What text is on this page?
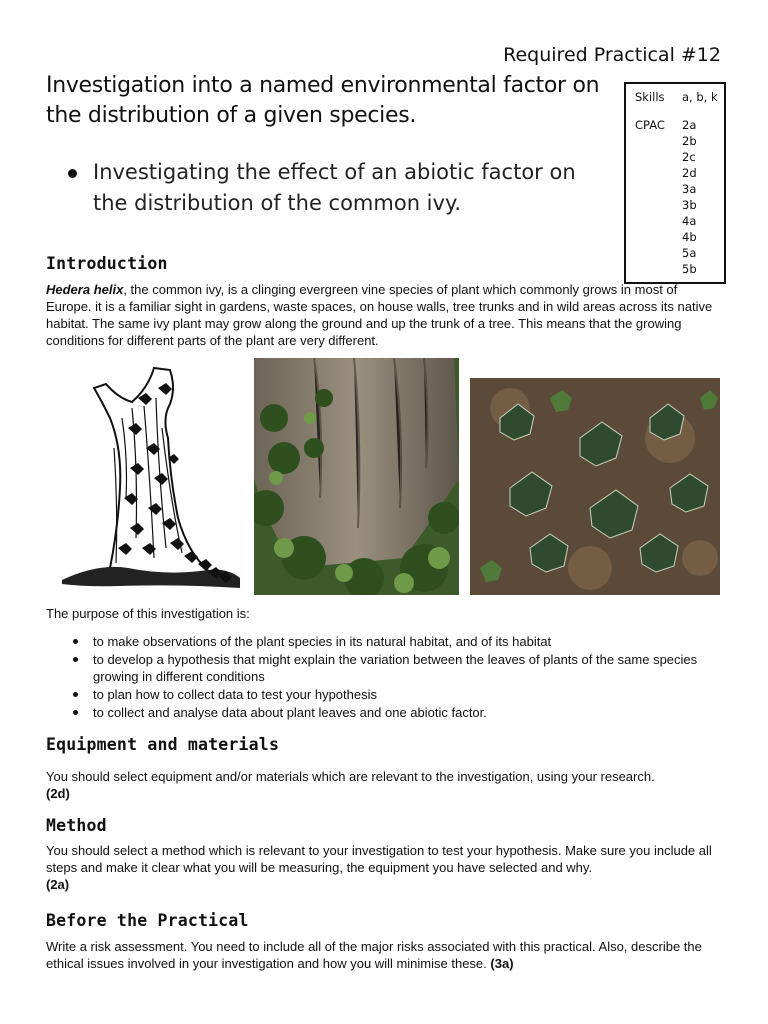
Required Practical #12
Investigation into a named environmental factor on the distribution of a given species.
Skills a, b, k
CPAC 2a
2b
2c
2d
3a
3b
4a
4b
5a
5b
Investigating the effect of an abiotic factor on the distribution of the common ivy.
Introduction
Hedera helix, the common ivy, is a clinging evergreen vine species of plant which commonly grows in most of Europe. it is a familiar sight in gardens, waste spaces, on house walls, tree trunks and in wild areas across its native habitat. The same ivy plant may grow along the ground and up the trunk of a tree. This means that the growing conditions for different parts of the plant are very different.
The purpose of this investigation is:
to make observations of the plant species in its natural habitat, and of its habitat
to develop a hypothesis that might explain the variation between the leaves of plants of the same species growing in different conditions
to plan how to collect data to test your hypothesis
to collect and analyse data about plant leaves and one abiotic factor.
Equipment and materials
You should select equipment and/or materials which are relevant to the investigation, using your research.
(2d)
Method
You should select a method which is relevant to your investigation to test your hypothesis. Make sure you include all steps and make it clear what you will be measuring, the equipment you have selected and why.
(2a)
Before the Practical
Write a risk assessment. You need to include all of the major risks associated with this practical. Also, describe the ethical issues involved in your investigation and how you will minimise these. (3a)
